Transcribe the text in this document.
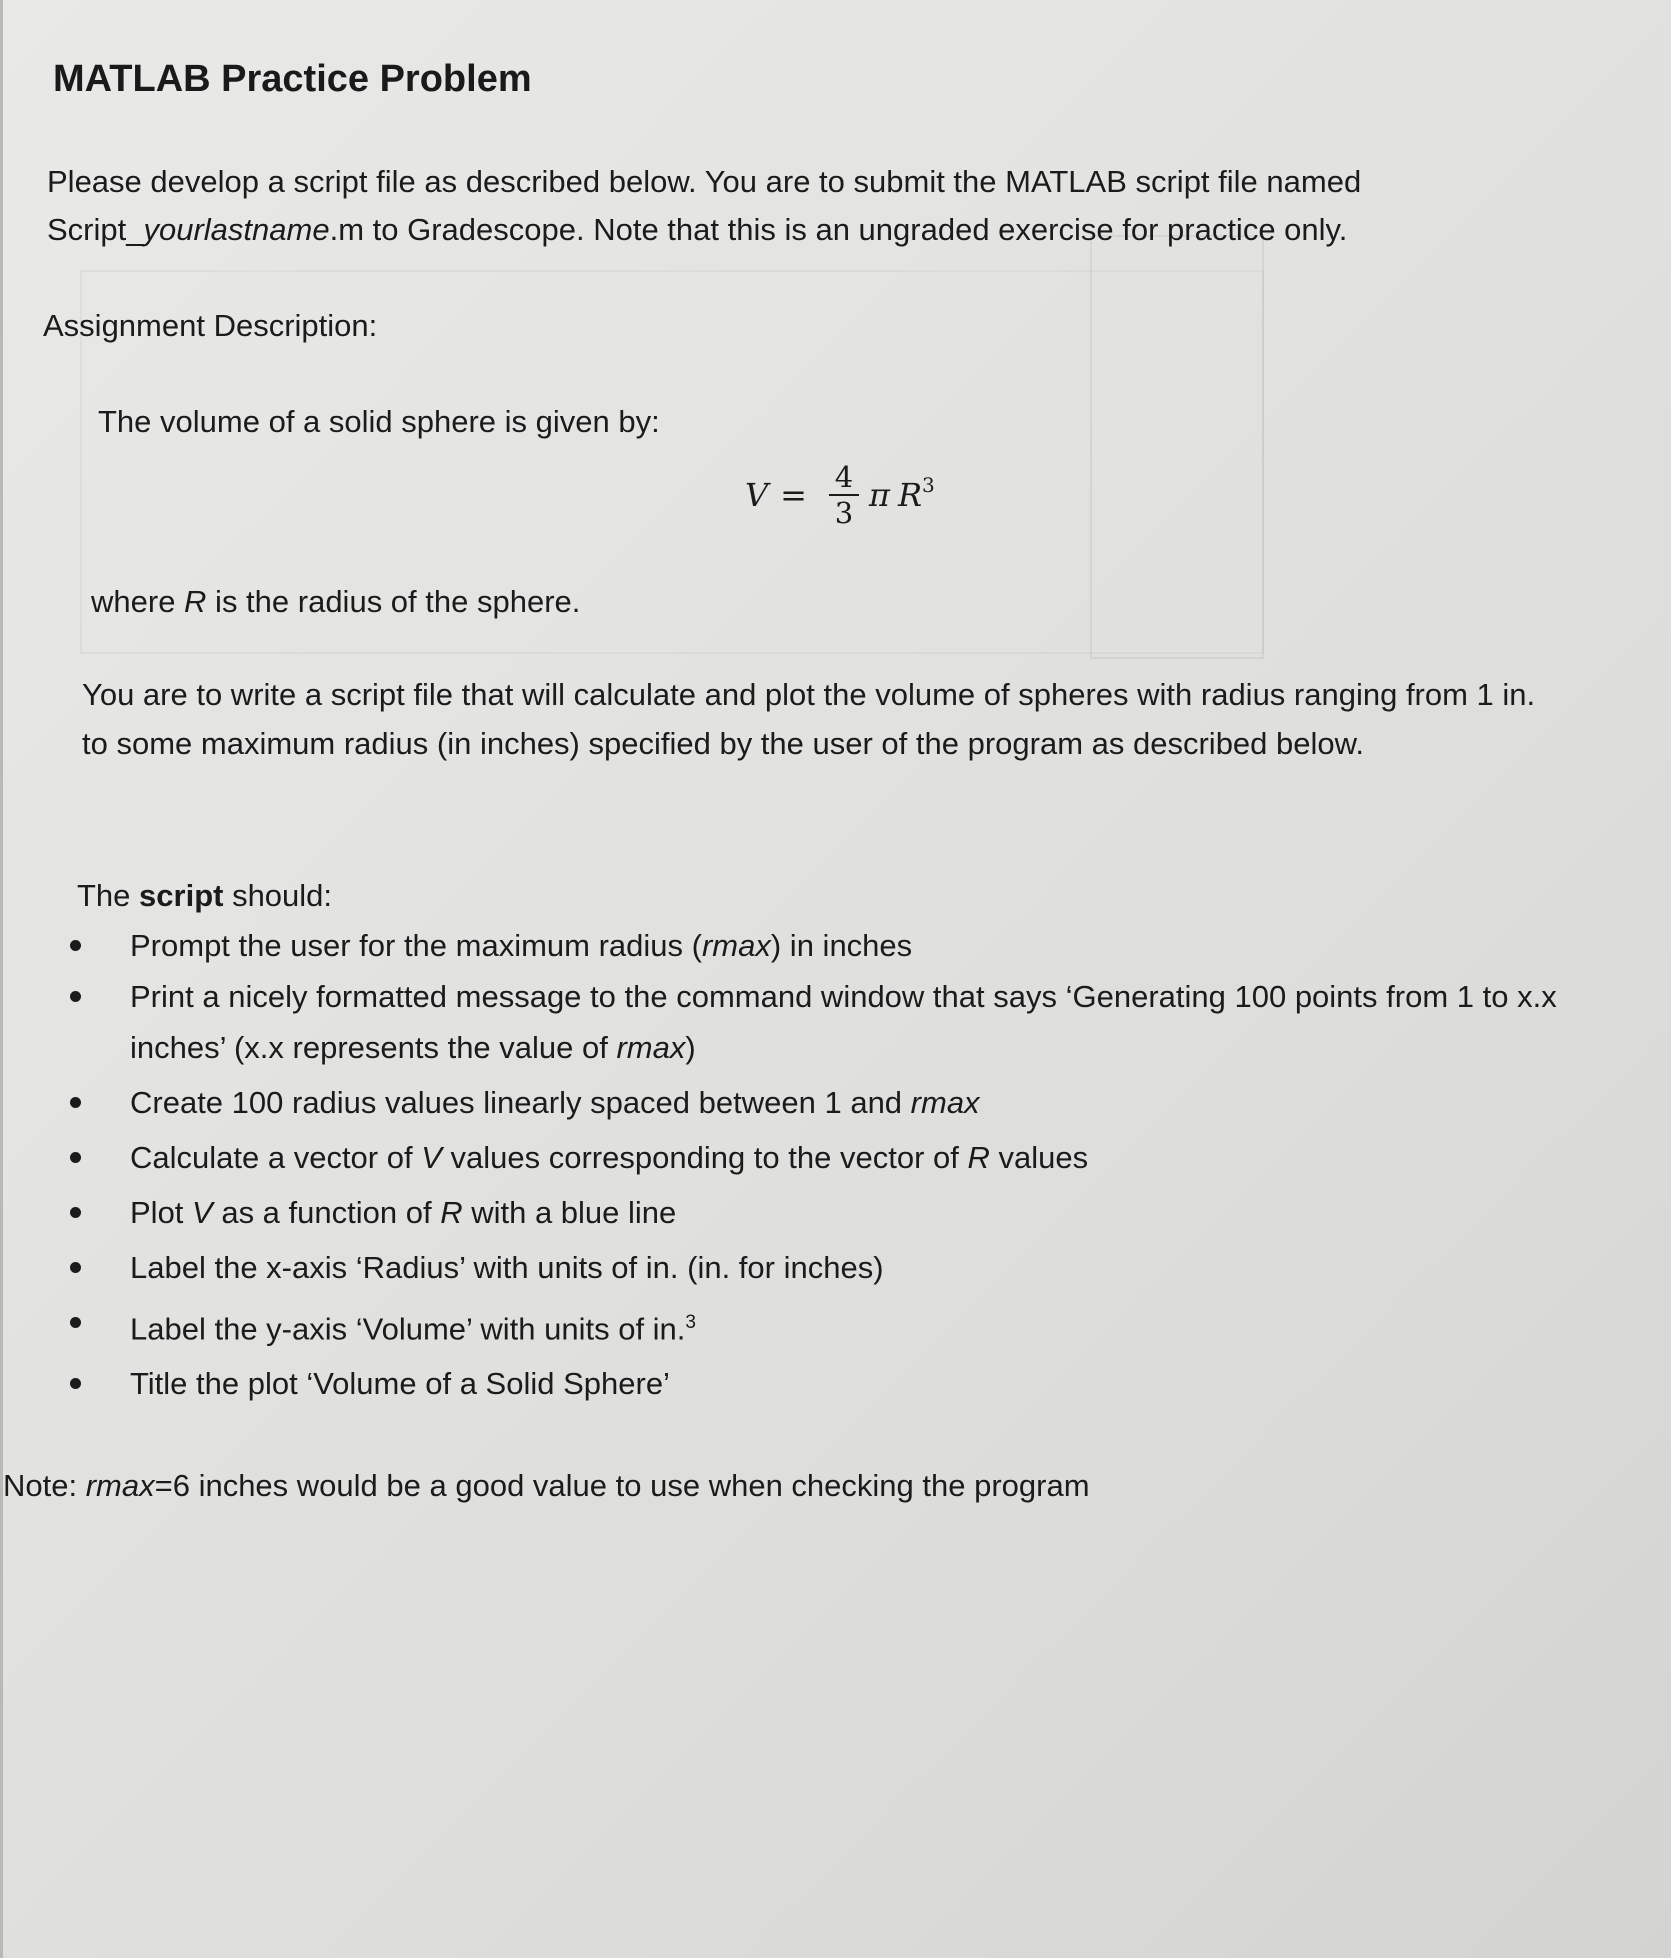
MATLAB Practice Problem
Please develop a script file as described below. You are to submit the MATLAB script file named
Script_yourlastname.m to Gradescope. Note that this is an ungraded exercise for practice only.
Assignment Description:
The volume of a solid sphere is given by:
$V = \frac{4}{3}$ π R 3
where R is the radius of the sphere.
You are to write a script file that will calculate and plot the volume of spheres with radius ranging from 1 in. to some maximum radius (in inches) specified by the user of the program as described below.
The script should:
Prompt the user for the maximum radius (rmax) in inches
Print a nicely formatted message to the command window that says ‘Generating 100 points from 1 to x.x inches’ (x.x represents the value of rmax)
Create 100 radius values linearly spaced between 1 and rmax
Calculate a vector of V values corresponding to the vector of R values
Plot V as a function of R with a blue line
Label the x-axis ‘Radius’ with units of in. (in. for inches)
Label the y-axis ‘Volume’ with units of in.$^3$
Title the plot ‘Volume of a Solid Sphere’
Note: rmax=6 inches would be a good value to use when checking the program
